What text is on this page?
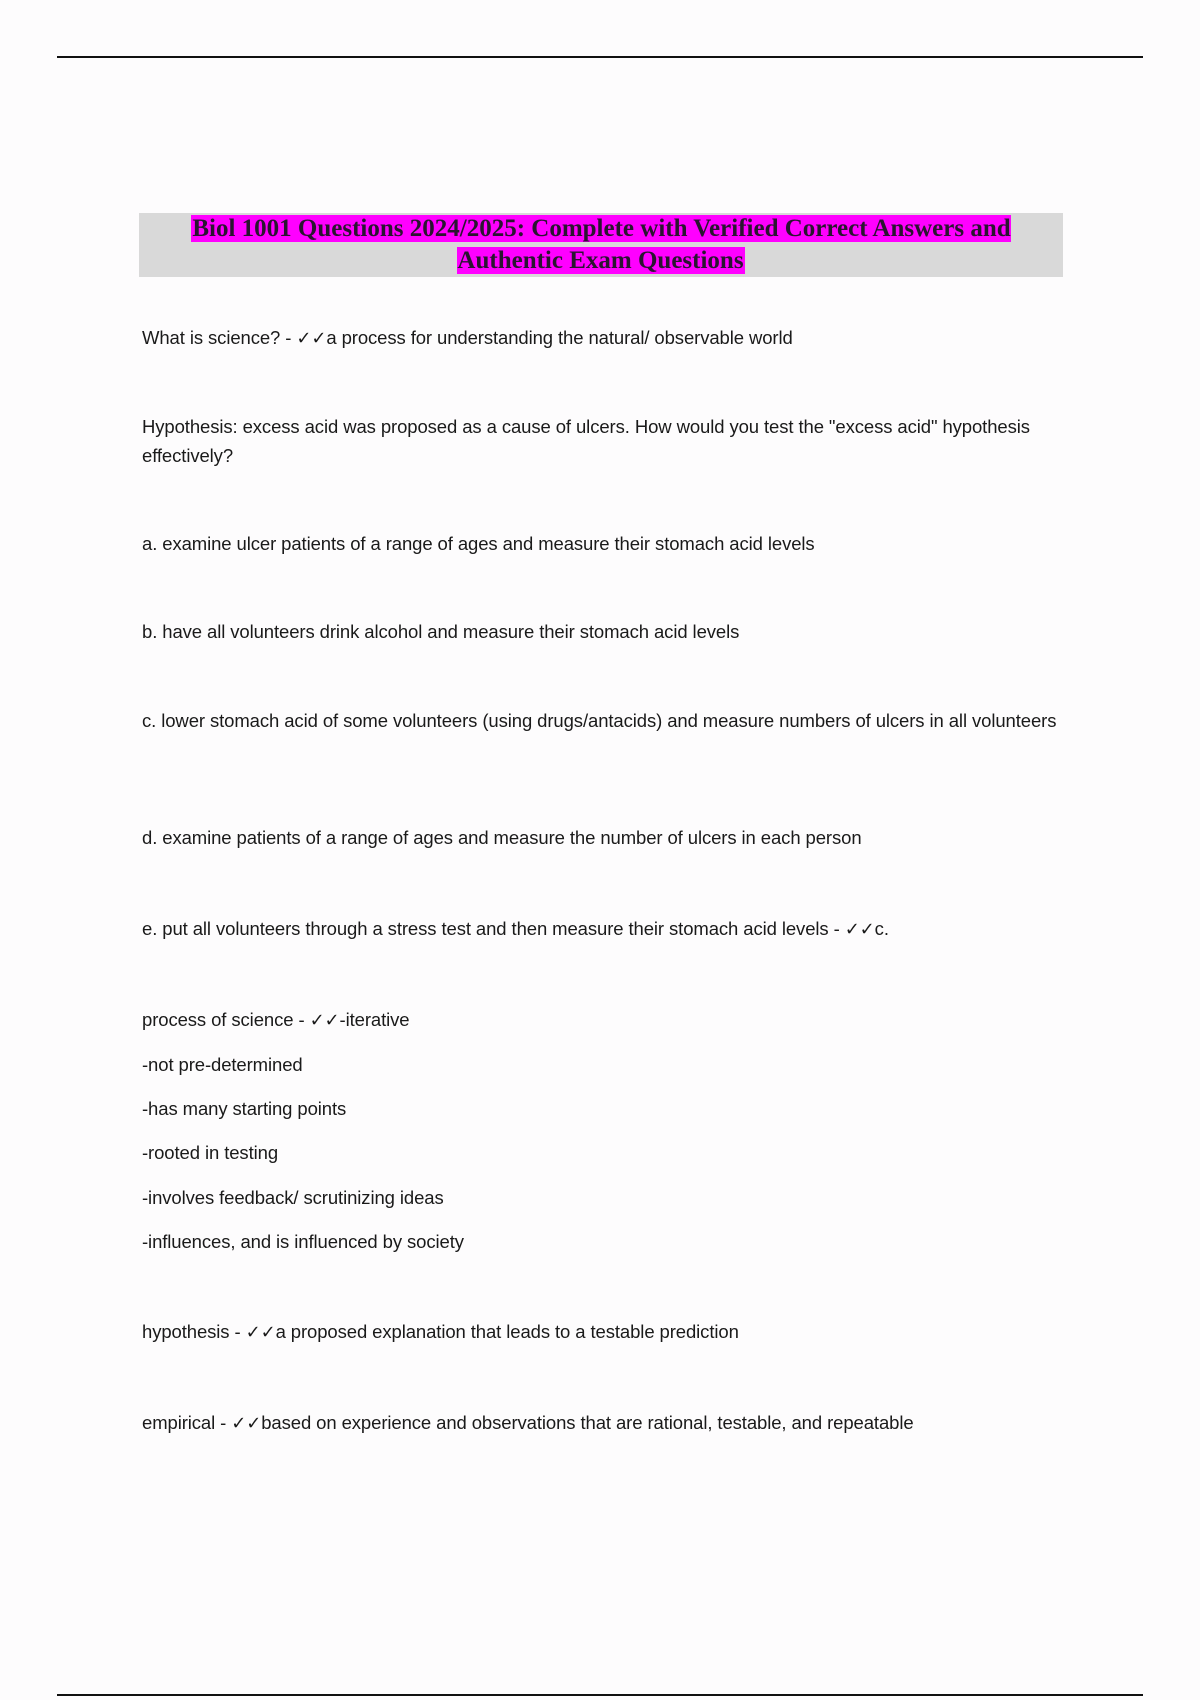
Biol 1001 Questions 2024/2025: Complete with Verified Correct Answers and Authentic Exam Questions

What is science? - ✓✓a process for understanding the natural/ observable world

Hypothesis: excess acid was proposed as a cause of ulcers. How would you test the "excess acid" hypothesis effectively?

a. examine ulcer patients of a range of ages and measure their stomach acid levels

b. have all volunteers drink alcohol and measure their stomach acid levels

c. lower stomach acid of some volunteers (using drugs/antacids) and measure numbers of ulcers in all volunteers

d. examine patients of a range of ages and measure the number of ulcers in each person

e. put all volunteers through a stress test and then measure their stomach acid levels - ✓✓c.

process of science - ✓✓-iterative

-not pre-determined

-has many starting points

-rooted in testing

-involves feedback/ scrutinizing ideas

-influences, and is influenced by society

hypothesis - ✓✓a proposed explanation that leads to a testable prediction

empirical - ✓✓based on experience and observations that are rational, testable, and repeatable
